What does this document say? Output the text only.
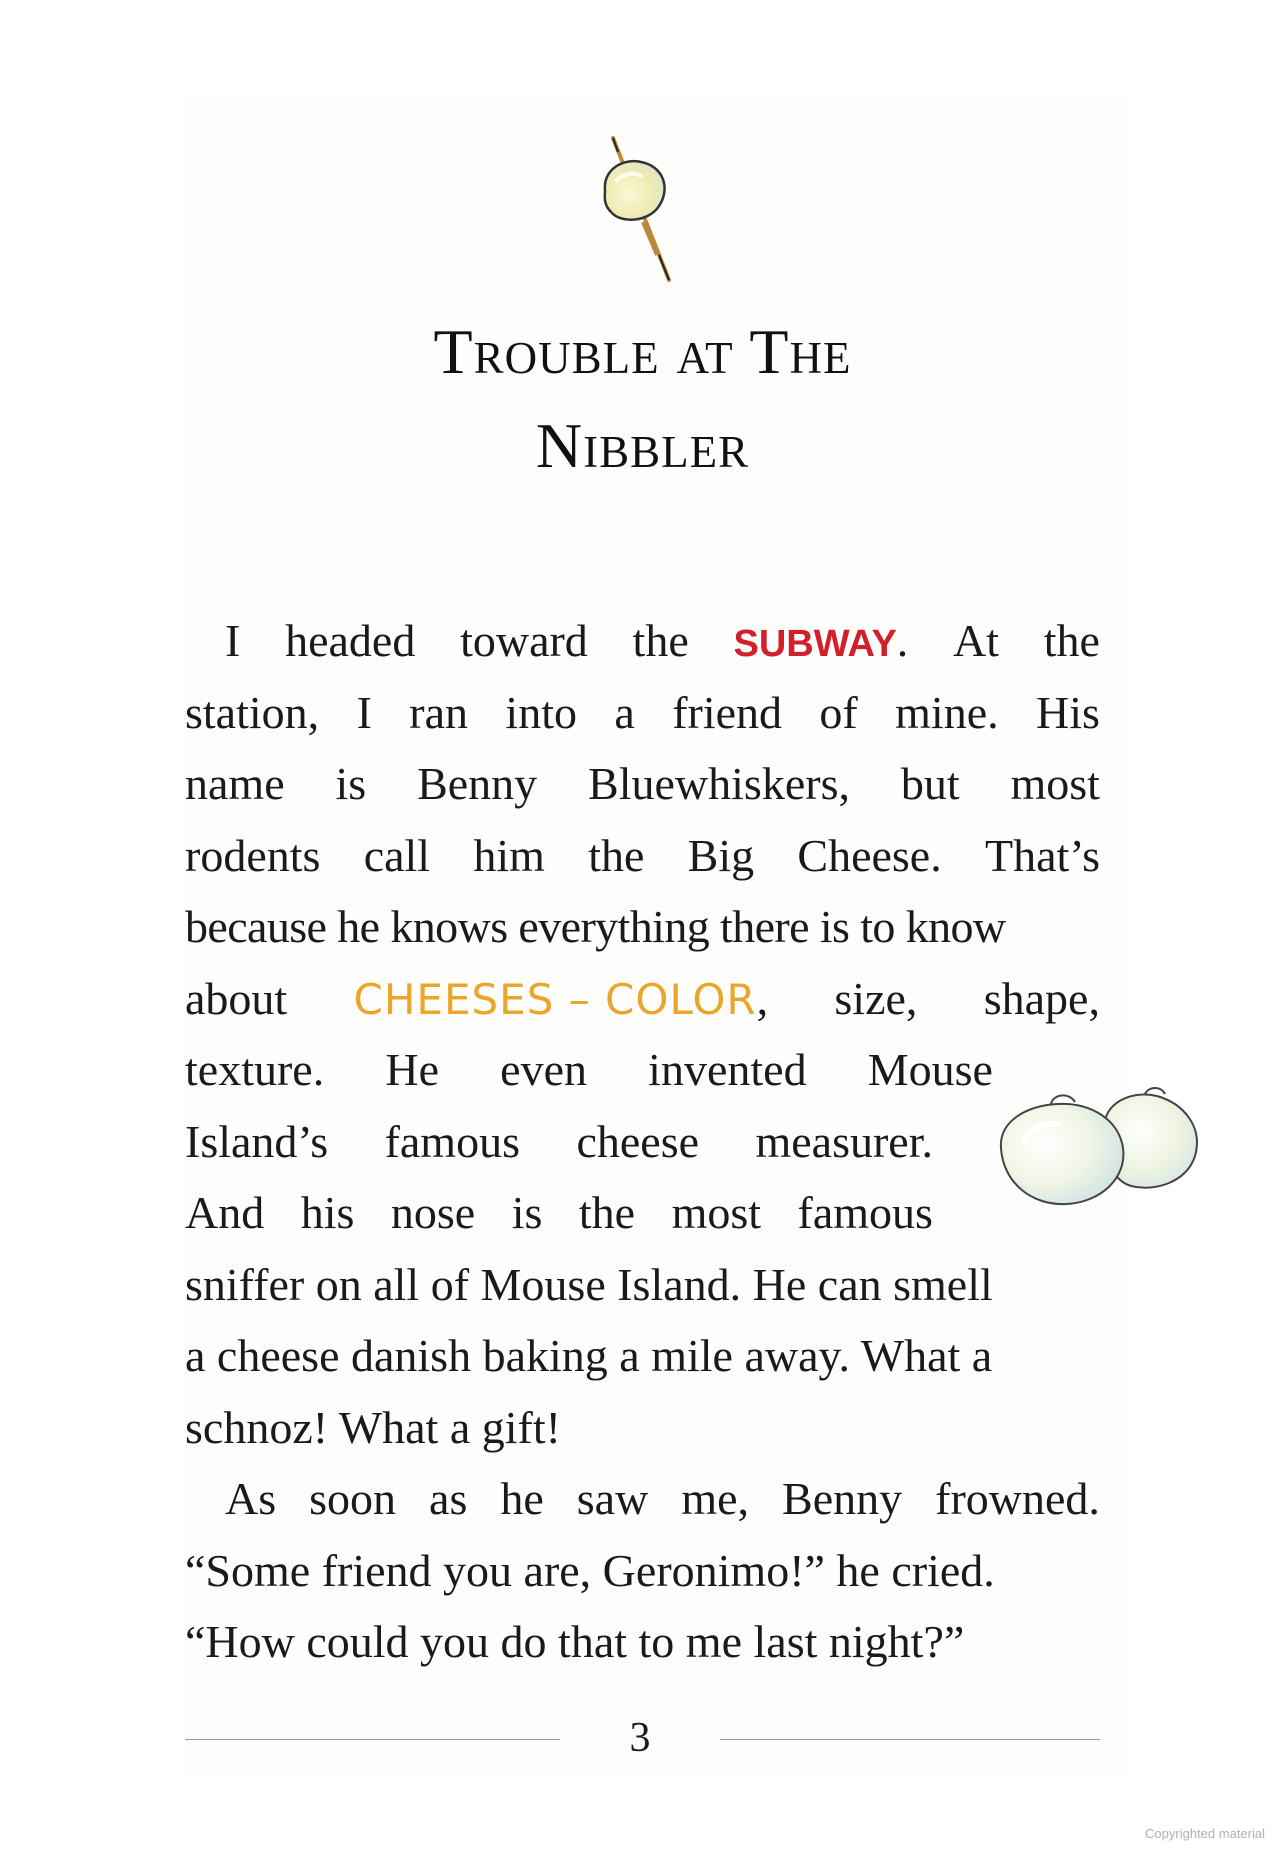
Trouble at The
Nibbler
I headed toward the SUBWAY. At the
station, I ran into a friend of mine. His
name is Benny Bluewhiskers, but most
rodents call him the Big Cheese. That’s
because he knows everything there is to know
about CHEESES – COLOR, size, shape,
texture. He even invented Mouse
Island’s famous cheese measurer.
And his nose is the most famous
sniffer on all of Mouse Island. He can smell
a cheese danish baking a mile away. What a
schnoz! What a gift!
As soon as he saw me, Benny frowned.
“Some friend you are, Geronimo!” he cried.
“How could you do that to me last night?”
3
Copyrighted material
